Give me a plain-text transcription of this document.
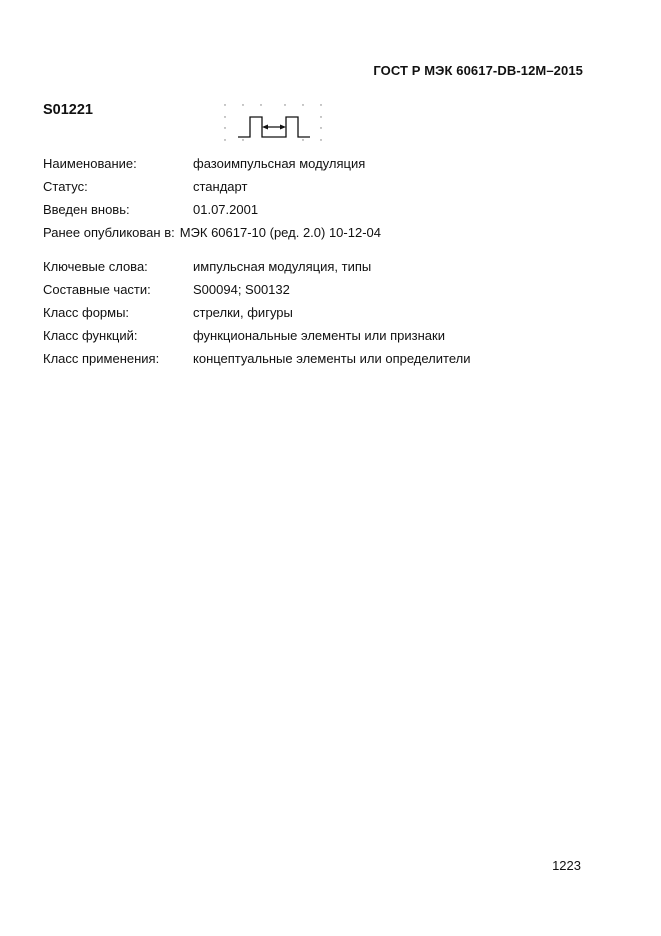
ГОСТ Р МЭК 60617-DB-12M–2015
S01221
Наименование:	фазоимпульсная модуляция
Статус:	стандарт
Введен вновь:	01.07.2001
Ранее опубликован в: МЭК 60617-10 (ред. 2.0) 10-12-04
Ключевые слова:	импульсная модуляция, типы
Составные части:	S00094; S00132
Класс формы:	стрелки, фигуры
Класс функций:	функциональные элементы или признаки
Класс применения:	концептуальные элементы или определители
1223
